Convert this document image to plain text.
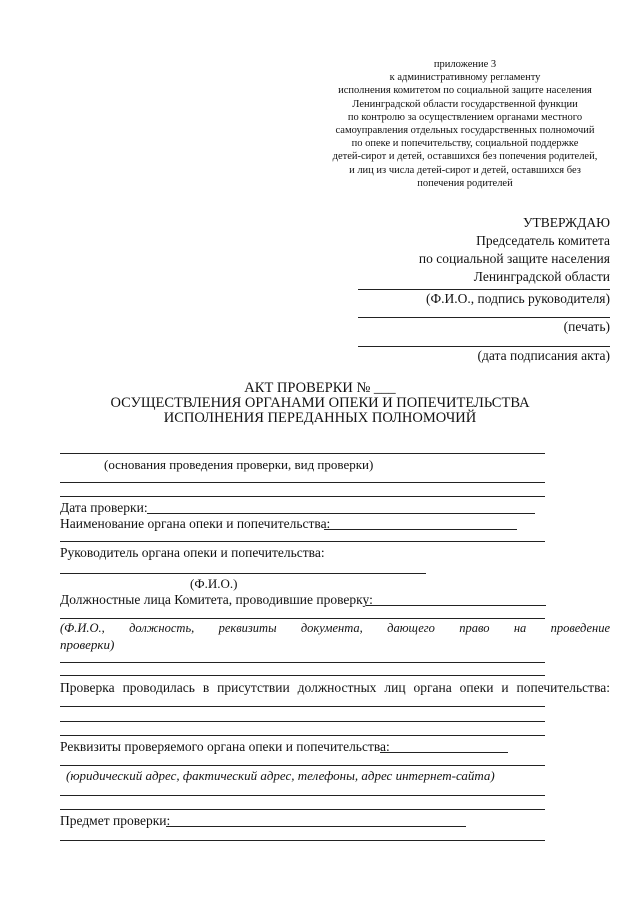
приложение 3
к административному регламенту
исполнения комитетом по социальной защите населения
Ленинградской области государственной функции
по контролю за осуществлением органами местного
самоуправления отдельных государственных полномочий
по опеке и попечительству, социальной поддержке
детей-сирот и детей, оставшихся без попечения родителей,
и лиц из числа детей-сирот и детей, оставшихся без
попечения родителей
УТВЕРЖДАЮ
Председатель комитета
по социальной защите населения
Ленинградской области
(Ф.И.О., подпись руководителя)
(печать)
(дата подписания акта)
АКТ ПРОВЕРКИ № ___
ОСУЩЕСТВЛЕНИЯ ОРГАНАМИ ОПЕКИ И ПОПЕЧИТЕЛЬСТВА
ИСПОЛНЕНИЯ ПЕРЕДАННЫХ ПОЛНОМОЧИЙ
(основания проведения проверки, вид проверки)
Дата проверки:
Наименование органа опеки и попечительства:
Руководитель органа опеки и попечительства:
(Ф.И.О.)
Должностные лица Комитета, проводившие проверку:
(Ф.И.О., должность, реквизиты документа, дающего право на проведение
проверки)
Проверка проводилась в присутствии должностных лиц органа опеки и попечительства:
Реквизиты проверяемого органа опеки и попечительства:
(юридический адрес, фактический адрес, телефоны, адрес интернет-сайта)
Предмет проверки:
